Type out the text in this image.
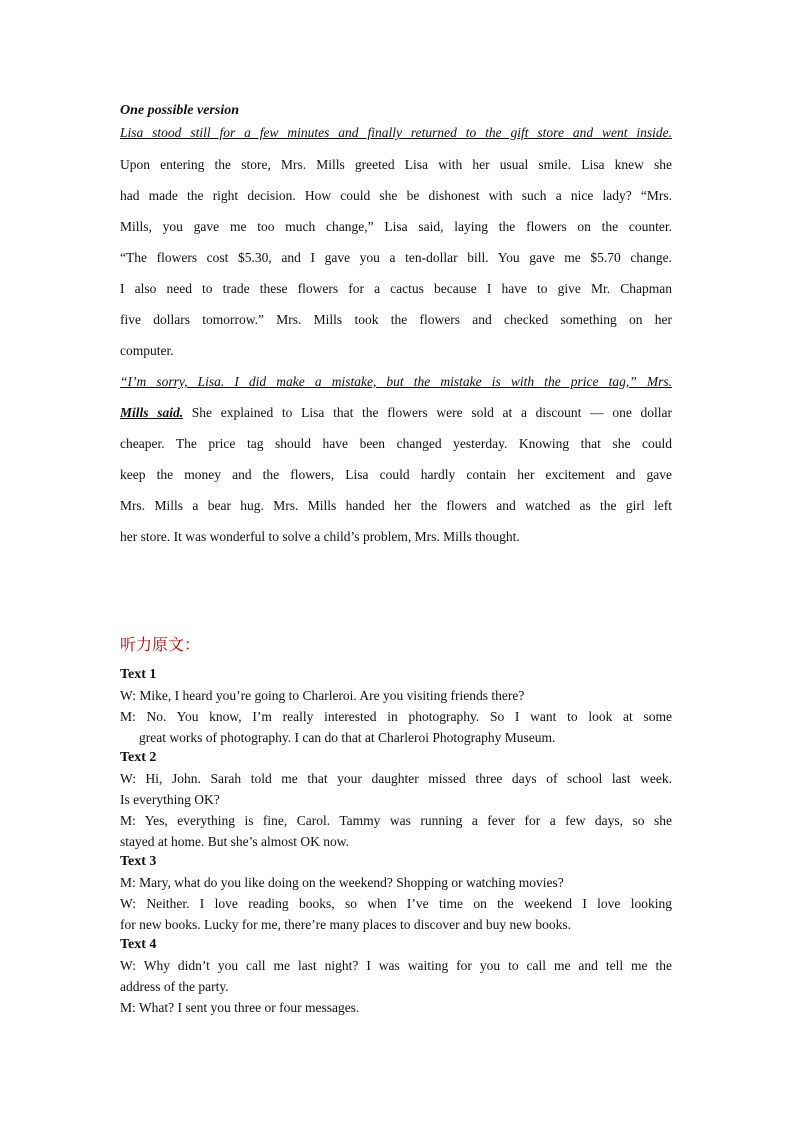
One possible version
Lisa stood still for a few minutes and finally returned to the gift store and went inside.
Upon entering the store, Mrs. Mills greeted Lisa with her usual smile. Lisa knew she
had made the right decision. How could she be dishonest with such a nice lady? “Mrs.
Mills, you gave me too much change,” Lisa said, laying the flowers on the counter.
“The flowers cost $5.30, and I gave you a ten-dollar bill. You gave me $5.70 change.
I also need to trade these flowers for a cactus because I have to give Mr. Chapman
five dollars tomorrow.” Mrs. Mills took the flowers and checked something on her
computer.
“I’m sorry, Lisa. I did make a mistake, but the mistake is with the price tag,” Mrs.
Mills said. She explained to Lisa that the flowers were sold at a discount — one dollar
cheaper. The price tag should have been changed yesterday. Knowing that she could
keep the money and the flowers, Lisa could hardly contain her excitement and gave
Mrs. Mills a bear hug. Mrs. Mills handed her the flowers and watched as the girl left
her store. It was wonderful to solve a child’s problem, Mrs. Mills thought.
听力原文：
Text 1
W: Mike, I heard you’re going to Charleroi. Are you visiting friends there?
M: No. You know, I’m really interested in photography. So I want to look at some
great works of photography. I can do that at Charleroi Photography Museum.
Text 2
W: Hi, John. Sarah told me that your daughter missed three days of school last week.
Is everything OK?
M: Yes, everything is fine, Carol. Tammy was running a fever for a few days, so she
stayed at home. But she’s almost OK now.
Text 3
M: Mary, what do you like doing on the weekend? Shopping or watching movies?
W: Neither. I love reading books, so when I’ve time on the weekend I love looking
for new books. Lucky for me, there’re many places to discover and buy new books.
Text 4
W: Why didn’t you call me last night? I was waiting for you to call me and tell me the
address of the party.
M: What? I sent you three or four messages.
